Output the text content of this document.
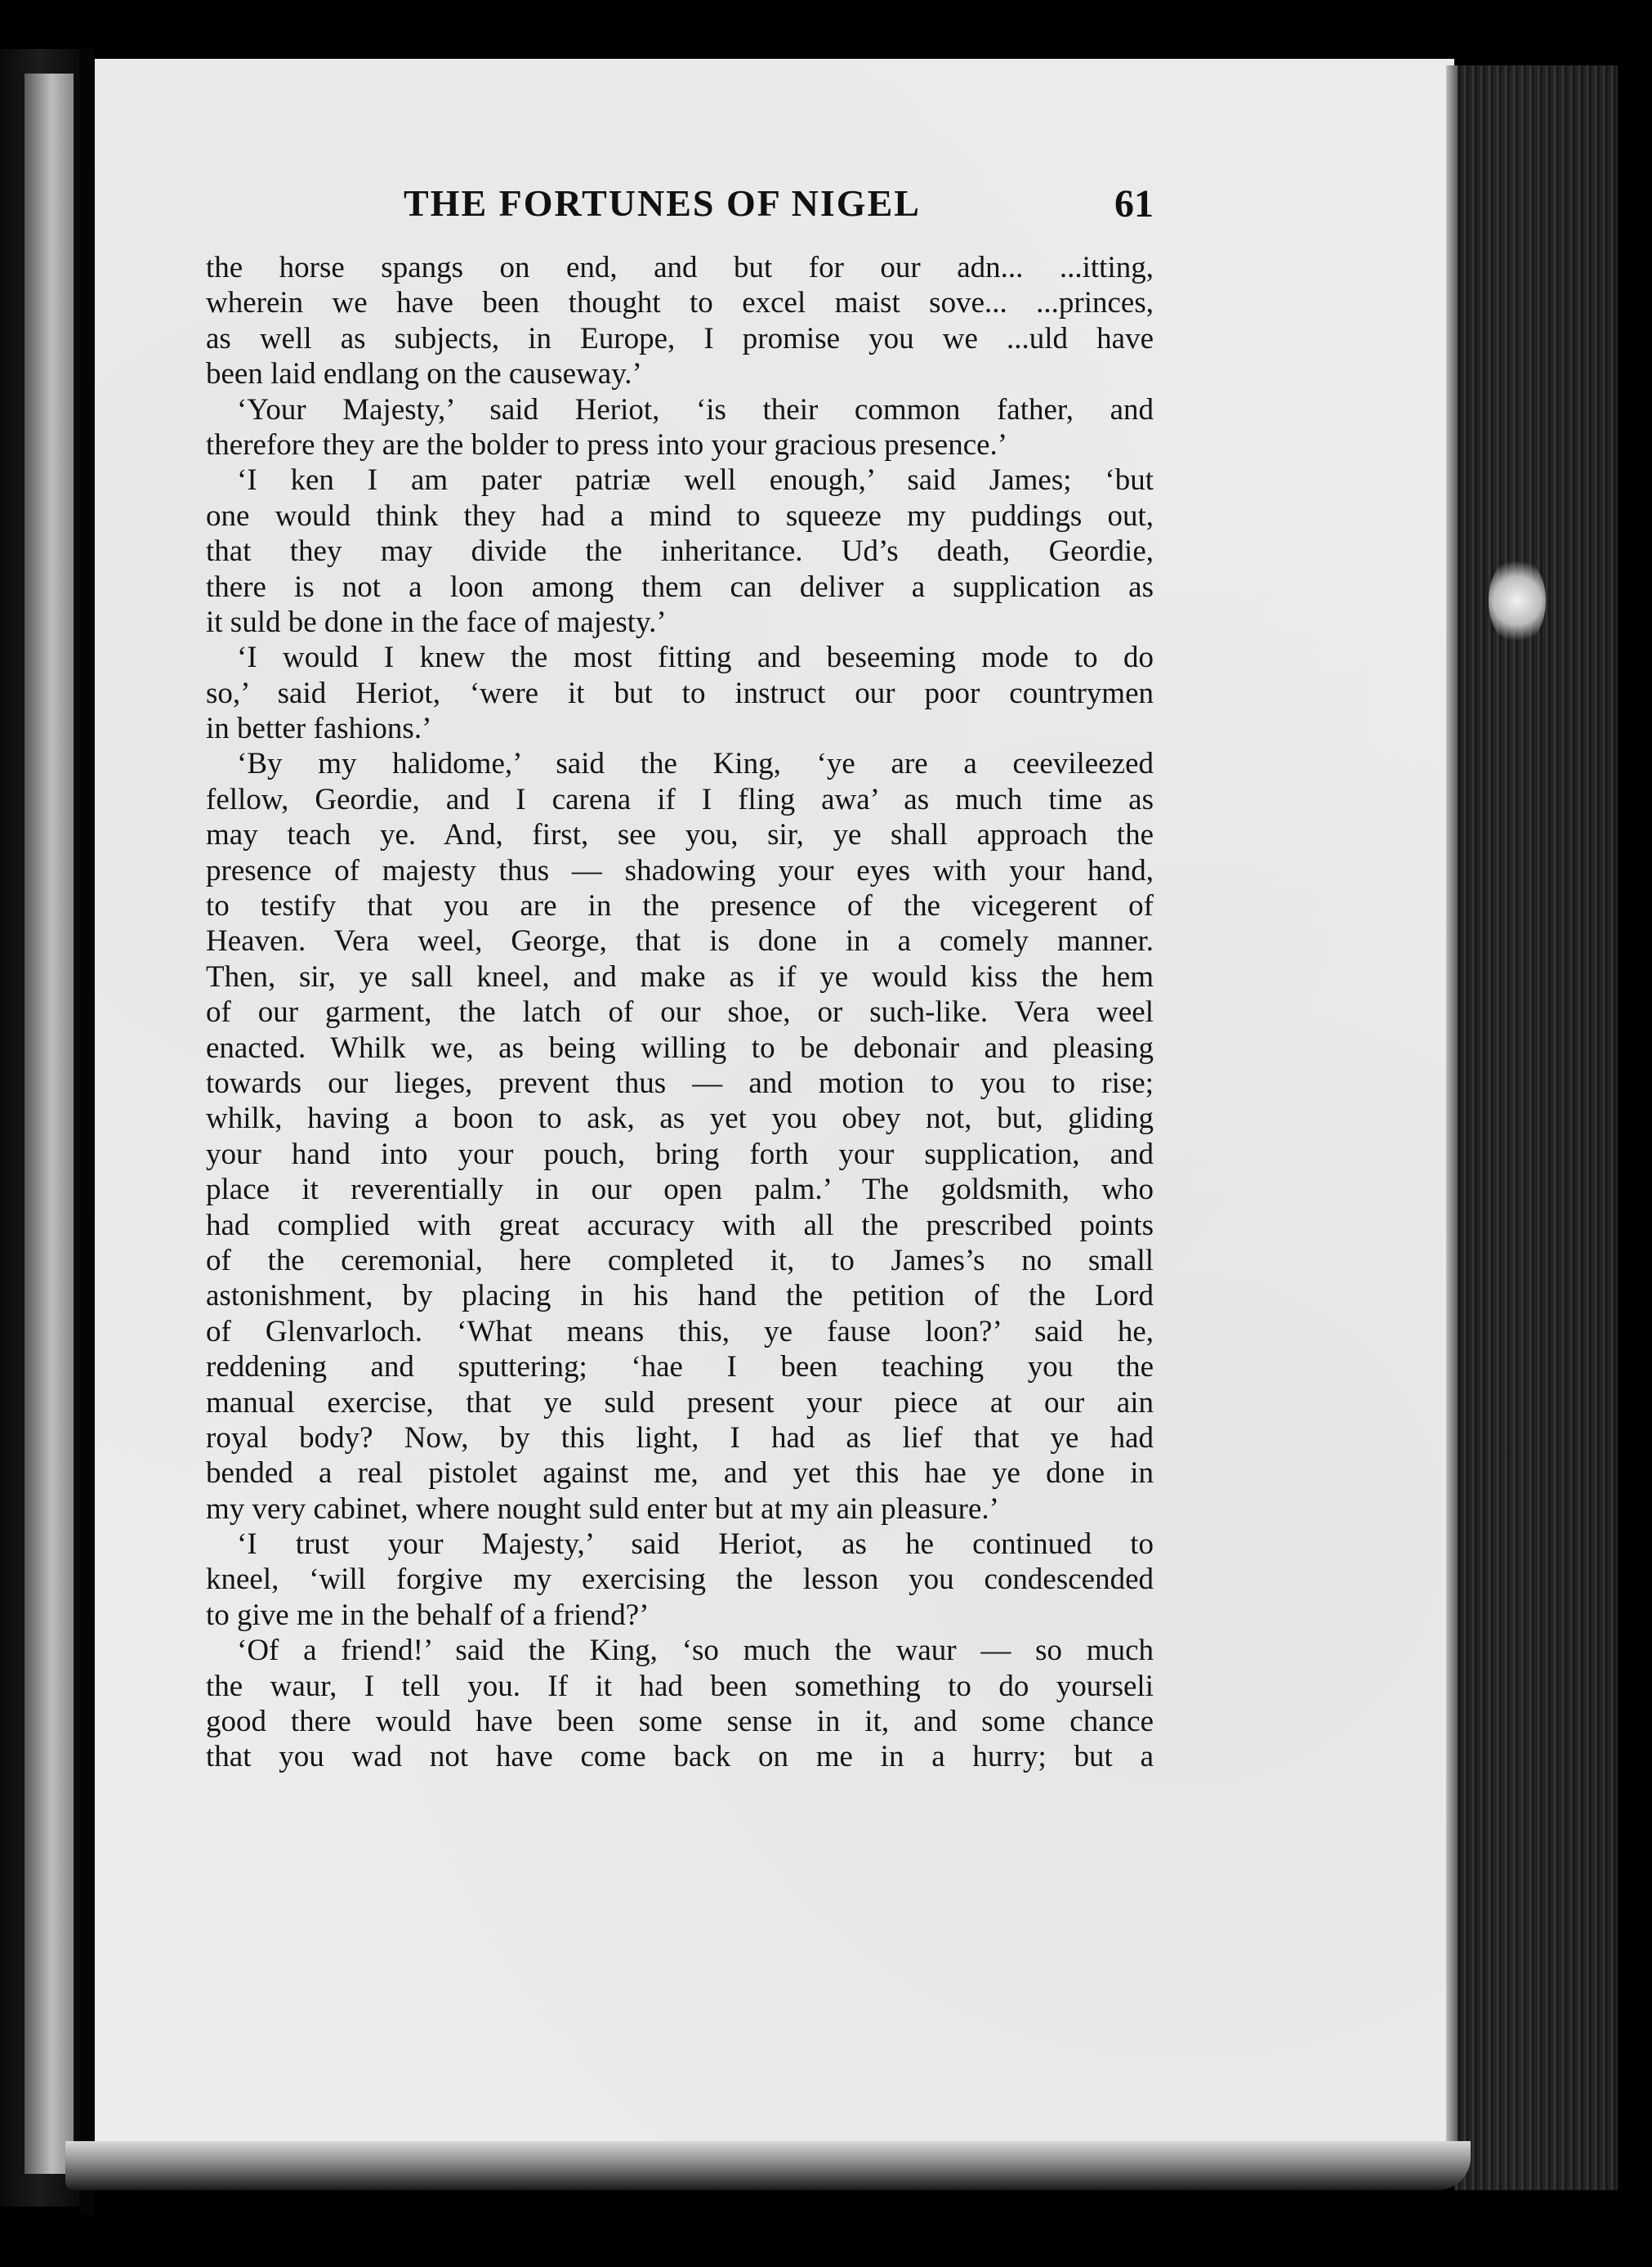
THE FORTUNES OF NIGEL	61
the horse spangs on end, and but for our adn... ...itting,
wherein we have been thought to excel maist sove... ...princes,
as well as subjects, in Europe, I promise you we ...uld have
been laid endlang on the causeway.’
‘Your Majesty,’ said Heriot, ‘is their common father, and
therefore they are the bolder to press into your gracious presence.’
‘I ken I am pater patriæ well enough,’ said James; ‘but
one would think they had a mind to squeeze my puddings out,
that they may divide the inheritance. Ud’s death, Geordie,
there is not a loon among them can deliver a supplication as
it suld be done in the face of majesty.’
‘I would I knew the most fitting and beseeming mode to do
so,’ said Heriot, ‘were it but to instruct our poor countrymen
in better fashions.’
‘By my halidome,’ said the King, ‘ye are a ceevileezed
fellow, Geordie, and I carena if I fling awa’ as much time as
may teach ye. And, first, see you, sir, ye shall approach the
presence of majesty thus — shadowing your eyes with your hand,
to testify that you are in the presence of the vicegerent of
Heaven. Vera weel, George, that is done in a comely manner.
Then, sir, ye sall kneel, and make as if ye would kiss the hem
of our garment, the latch of our shoe, or such-like. Vera weel
enacted. Whilk we, as being willing to be debonair and pleasing
towards our lieges, prevent thus — and motion to you to rise;
whilk, having a boon to ask, as yet you obey not, but, gliding
your hand into your pouch, bring forth your supplication, and
place it reverentially in our open palm.’ The goldsmith, who
had complied with great accuracy with all the prescribed points
of the ceremonial, here completed it, to James’s no small
astonishment, by placing in his hand the petition of the Lord
of Glenvarloch. ‘What means this, ye fause loon?’ said he,
reddening and sputtering; ‘hae I been teaching you the
manual exercise, that ye suld present your piece at our ain
royal body? Now, by this light, I had as lief that ye had
bended a real pistolet against me, and yet this hae ye done in
my very cabinet, where nought suld enter but at my ain pleasure.’
‘I trust your Majesty,’ said Heriot, as he continued to
kneel, ‘will forgive my exercising the lesson you condescended
to give me in the behalf of a friend?’
‘Of a friend!’ said the King, ‘so much the waur — so much
the waur, I tell you. If it had been something to do yourseli
good there would have been some sense in it, and some chance
that you wad not have come back on me in a hurry; but a
